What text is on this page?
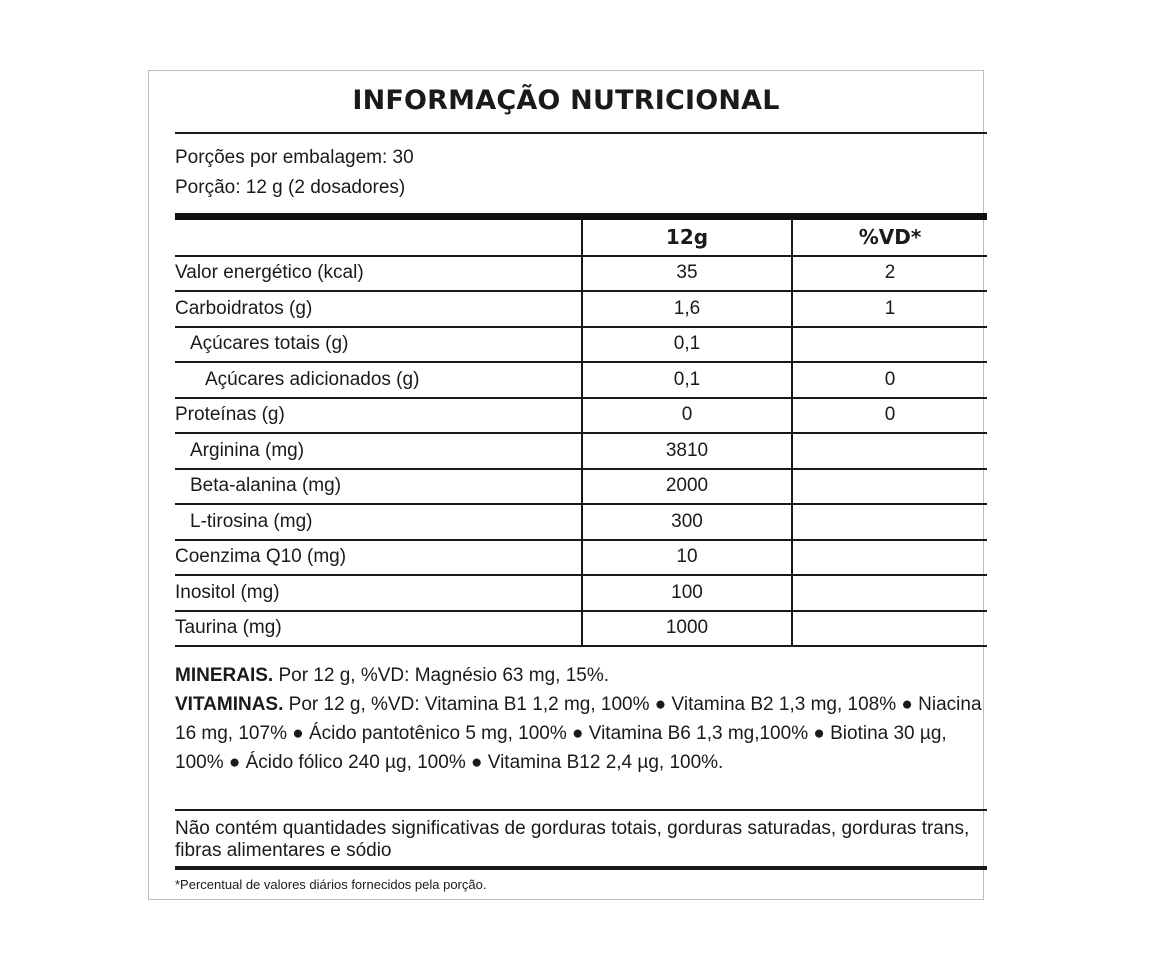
INFORMAÇÃO NUTRICIONAL
Porções por embalagem: 30
Porção: 12 g (2 dosadores)
	12g	%VD*
Valor energético (kcal)	35	2
Carboidratos (g)	1,6	1
Açúcares totais (g)	0,1	
Açúcares adicionados (g)	0,1	0
Proteínas (g)	0	0
Arginina (mg)	3810	
Beta-alanina (mg)	2000	
L-tirosina (mg)	300	
Coenzima Q10 (mg)	10	
Inositol (mg)	100	
Taurina (mg)	1000	
MINERAIS. Por 12 g, %VD: Magnésio 63 mg, 15%.
VITAMINAS. Por 12 g, %VD: Vitamina B1 1,2 mg, 100% ● Vitamina B2 1,3 mg, 108% ● Niacina 16 mg, 107% ● Ácido pantotênico 5 mg, 100% ● Vitamina B6 1,3 mg,100% ● Biotina 30 µg, 100% ● Ácido fólico 240 µg, 100% ● Vitamina B12 2,4 µg, 100%.
Não contém quantidades significativas de gorduras totais, gorduras saturadas, gorduras trans, fibras alimentares e sódio
*Percentual de valores diários fornecidos pela porção.
